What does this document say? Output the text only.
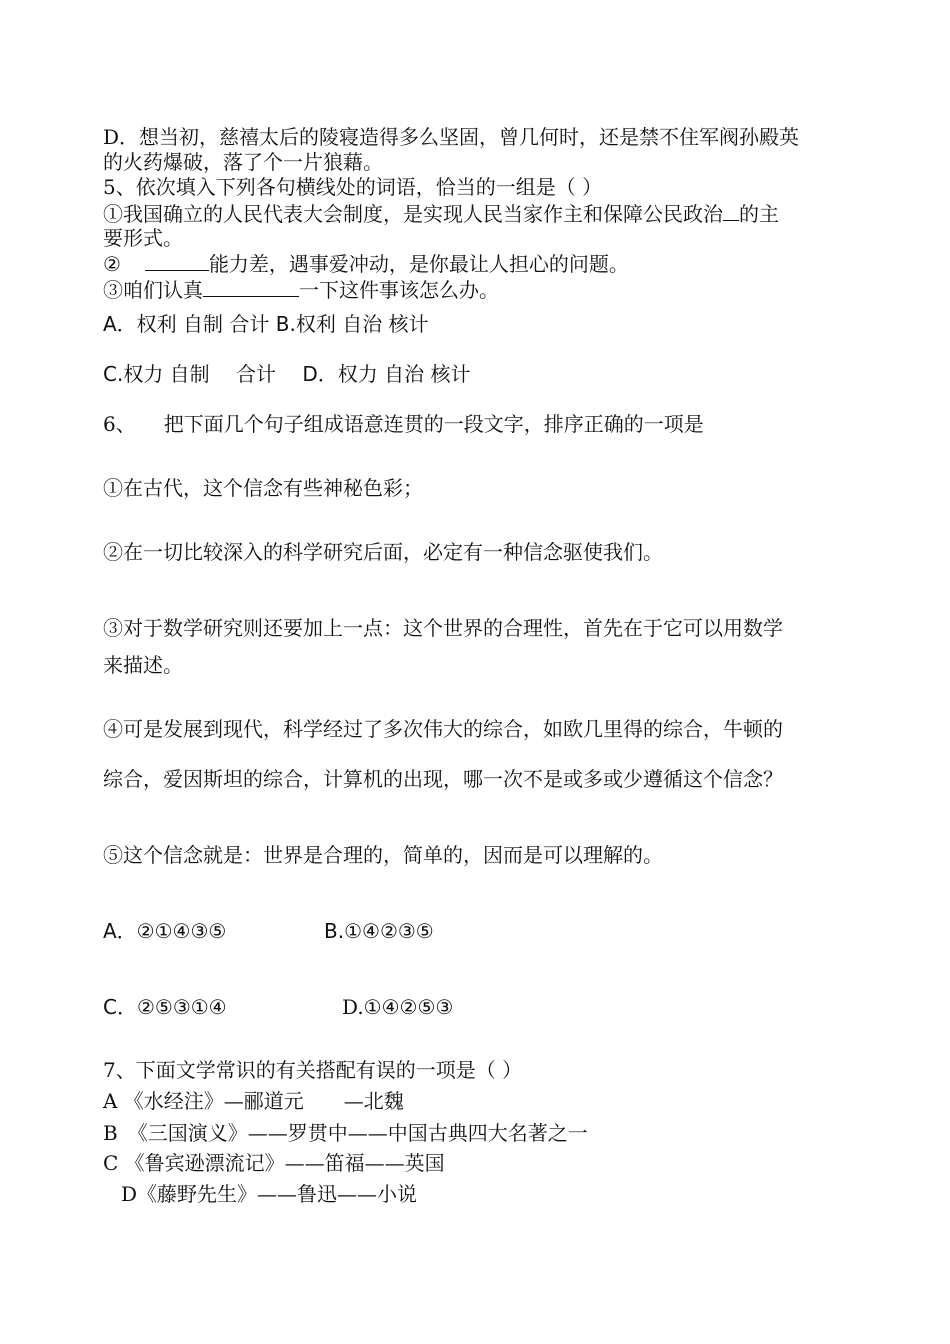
D．想当初，慈禧太后的陵寝造得多么坚固，曾几何时，还是禁不住军阀孙殿英
的火药爆破，落了个一片狼藉。
5、依次填入下列各句横线处的词语，恰当的一组是（ ）
①我国确立的人民代表大会制度，是实现人民当家作主和保障公民政治 的主
要形式。
②	能力差，遇事爱冲动，是你最让人担心的问题。
③咱们认真	一下这件事该怎么办。
A．权利 自制 合计 B.权利 自治 核计
C.权力 自制　 合计　 D．权力 自治 核计
6、 把下面几个句子组成语意连贯的一段文字，排序正确的一项是
①在古代，这个信念有些神秘色彩；
②在一切比较深入的科学研究后面，必定有一种信念驱使我们。
③对于数学研究则还要加上一点：这个世界的合理性，首先在于它可以用数学
来描述。
④可是发展到现代，科学经过了多次伟大的综合，如欧几里得的综合，牛顿的
综合，爱因斯坦的综合，计算机的出现，哪一次不是或多或少遵循这个信念？
⑤这个信念就是：世界是合理的，简单的，因而是可以理解的。
A．②①④③⑤	B.①④②③⑤
C．②⑤③①④	D.①④②⑤③
7、下面文学常识的有关搭配有误的一项是（ ）
A 《水经注》—郦道元　　—北魏
B　《三国演义》——罗贯中——中国古典四大名著之一
C 《鲁宾逊漂流记》——笛福——英国
D《藤野先生》——鲁迅——小说
